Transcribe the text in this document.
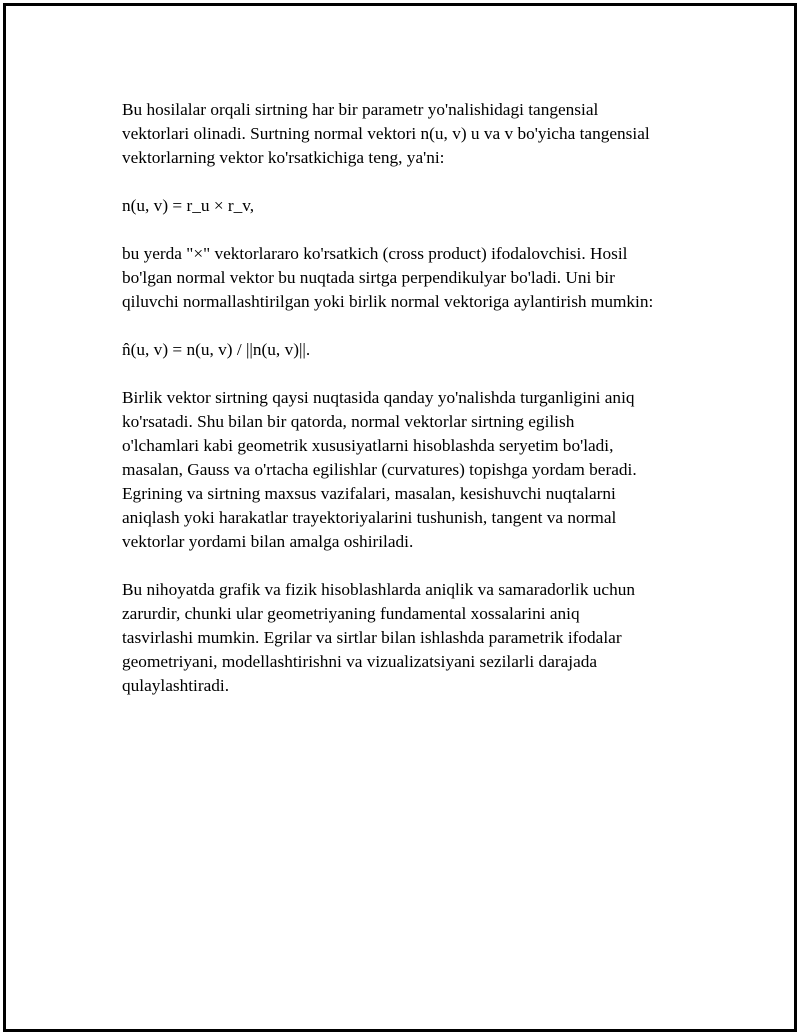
Bu hosilalar orqali sirtning har bir parametr yo'nalishidagi tangensial
vektorlari olinadi. Surtning normal vektori n(u, v) u va v bo'yicha tangensial
vektorlarning vektor ko'rsatkichiga teng, ya'ni:

n(u, v) = r_u × r_v,

bu yerda "×" vektorlararo ko'rsatkich (cross product) ifodalovchisi. Hosil
bo'lgan normal vektor bu nuqtada sirtga perpendikulyar bo'ladi. Uni bir
qiluvchi normallashtirilgan yoki birlik normal vektoriga aylantirish mumkin:

n̂(u, v) = n(u, v) / ||n(u, v)||.

Birlik vektor sirtning qaysi nuqtasida qanday yo'nalishda turganligini aniq
ko'rsatadi. Shu bilan bir qatorda, normal vektorlar sirtning egilish
o'lchamlari kabi geometrik xususiyatlarni hisoblashda seryetim bo'ladi,
masalan, Gauss va o'rtacha egilishlar (curvatures) topishga yordam beradi.
Egrining va sirtning maxsus vazifalari, masalan, kesishuvchi nuqtalarni
aniqlash yoki harakatlar trayektoriyalarini tushunish, tangent va normal
vektorlar yordami bilan amalga oshiriladi.

Bu nihoyatda grafik va fizik hisoblashlarda aniqlik va samaradorlik uchun
zarurdir, chunki ular geometriyaning fundamental xossalarini aniq
tasvirlashi mumkin. Egrilar va sirtlar bilan ishlashda parametrik ifodalar
geometriyani, modellashtirishni va vizualizatsiyani sezilarli darajada
qulaylashtiradi.
